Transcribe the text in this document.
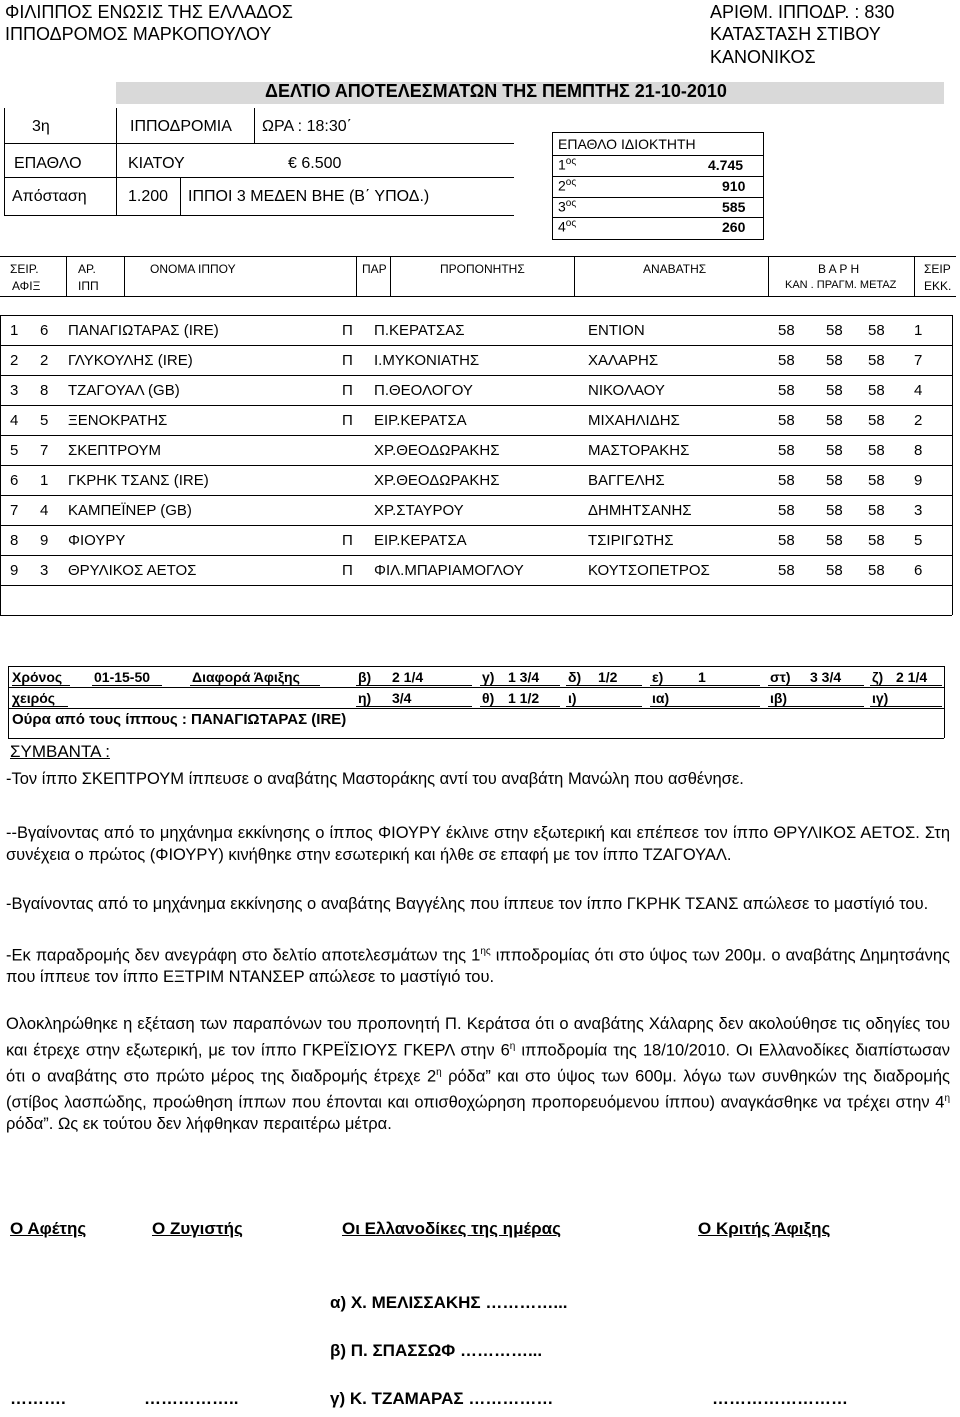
ΦΙΛΙΠΠΟΣ ΕΝΩΣΙΣ ΤΗΣ ΕΛΛΑΔΟΣ
ΙΠΠΟΔΡΟΜΟΣ ΜΑΡΚΟΠΟΥΛΟΥ
ΑΡΙΘΜ. ΙΠΠΟΔΡ. : 830
ΚΑΤΑΣΤΑΣΗ ΣΤΙΒΟΥ
ΚΑΝΟΝΙΚΟΣ
ΔΕΛΤΙΟ ΑΠΟΤΕΛΕΣΜΑΤΩΝ ΤΗΣ ΠΕΜΠΤΗΣ 21-10-2010
3η	ΙΠΠΟΔΡΟΜΙΑ ΩΡΑ : 18:30΄
ΕΠΑΘΛΟ	ΚΙΑΤΟΥ	€ 6.500
Απόσταση	1.200 ΙΠΠΟΙ 3 ΜΕΔΕΝ ΒΗΕ (Β΄ ΥΠΟΔ.)
ΕΠΑΘΛΟ ΙΔΙΟΚΤΗΤΗ
$1^{o\varsigma}$	4.745
$2^{o\varsigma}$	910
$3^{o\varsigma}$	585
$4^{o\varsigma}$	260
ΣΕΙΡ.
ΑΦΙΞ
ΑΡ.
ΙΠΠ
ΟΝΟΜΑ ΙΠΠΟΥ	ΠΑΡ	ΠΡΟΠΟΝΗΤΗΣ	ΑΝΑΒΑΤΗΣ	Β Α Ρ Η
ΚΑΝ . ΠΡΑΓΜ. ΜΕΤΑΖ
ΣΕΙΡ
ΕΚΚ.
1 6 ΠΑΝΑΓΙΩΤΑΡΑΣ (IRE)	Π Π.ΚΕΡΑΤΣΑΣ	ΕΝΤΙΟΝ	58 58 58 1
2 2 ΓΛΥΚΟΥΛΗΣ (IRE)	Π Ι.ΜΥΚΟΝΙΑΤΗΣ	ΧΑΛΑΡΗΣ	58 58 58 7
3 8 ΤΖΑΓΟΥΑΛ (GB)	Π Π.ΘΕΟΛΟΓΟΥ	ΝΙΚΟΛΑΟΥ	58 58 58 4
4 5 ΞΕΝΟΚΡΑΤΗΣ	Π ΕΙΡ.ΚΕΡΑΤΣΑ	ΜΙΧΑΗΛΙΔΗΣ	58 58 58 2
5 7 ΣΚΕΠΤΡΟΥΜ	ΧΡ.ΘΕΟΔΩΡΑΚΗΣ	ΜΑΣΤΟΡΑΚΗΣ	58 58 58 8
6 1 ΓΚΡΗΚ ΤΣΑΝΣ (IRE)	ΧΡ.ΘΕΟΔΩΡΑΚΗΣ	ΒΑΓΓΕΛΗΣ	58 58 58 9
7 4 ΚΑΜΠΕΪΝΕΡ (GB)	ΧΡ.ΣΤΑΥΡΟΥ	ΔΗΜΗΤΣΑΝΗΣ	58 58 58 3
8 9 ΦΙΟΥΡΥ	Π ΕΙΡ.ΚΕΡΑΤΣΑ	ΤΣΙΡΙΓΩΤΗΣ	58 58 58 5
9 3 ΘΡΥΛΙΚΟΣ ΑΕΤΟΣ	Π ΦΙΛ.ΜΠΑΡΙΑΜΟΓΛΟΥ	ΚΟΥΤΣΟΠΕΤΡΟΣ	58 58 58 6
Χρόνος 01-15-50	Διαφορά Άφιξης	β) 2 1/4	γ) 1 3/4 δ) 1/2 ε) 1	στ) 3 3/4 ζ) 2 1/4
χειρός	η) 3/4	θ) 1 1/2 ι)	ια)	ιβ)	ιγ)
Ούρα από τους ίππους : ΠΑΝΑΓΙΩΤΑΡΑΣ (IRE)
ΣΥΜΒΑΝΤΑ :
-Τον ίππο ΣΚΕΠΤΡΟΥΜ ίππευσε ο αναβάτης Μαστοράκης αντί του αναβάτη Μανώλη που ασθένησε.
--Βγαίνοντας από το μηχάνημα εκκίνησης ο ίππος ΦΙΟΥΡΥ έκλινε στην εξωτερική και επέπεσε τον ίππο ΘΡΥΛΙΚΟΣ ΑΕΤΟΣ. Στη συνέχεια ο πρώτος (ΦΙΟΥΡΥ) κινήθηκε στην εσωτερική και ήλθε σε επαφή με τον ίππο ΤΖΑΓΟΥΑΛ.
-Βγαίνοντας από το μηχάνημα εκκίνησης ο αναβάτης Βαγγέλης που ίππευε τον ίππο ΓΚΡΗΚ ΤΣΑΝΣ απώλεσε το μαστίγιό του.
-Εκ παραδρομής δεν ανεγράφη στο δελτίο αποτελεσμάτων της $1^{\eta\varsigma}$ ιπποδρομίας ότι στο ύψος των 200μ. ο αναβάτης Δημητσάνης που ίππευε τον ίππο ΕΞΤΡΙΜ ΝΤΑΝΣΕΡ απώλεσε το μαστίγιό του.
Ολοκληρώθηκε η εξέταση των παραπόνων του προπονητή Π. Κεράτσα ότι ο αναβάτης Χάλαρης δεν ακολούθησε τις οδηγίες του και έτρεχε στην εξωτερική, με τον ίππο ΓΚΡΕΪΣΙΟΥΣ ΓΚΕΡΛ στην $6^\eta$ ιπποδρομία της 18/10/2010. Οι Ελλανοδίκες διαπίστωσαν ότι ο αναβάτης στο πρώτο μέρος της διαδρομής έτρεχε $2^\eta$ ρόδα” και στο ύψος των 600μ. λόγω των συνθηκών της διαδρομής (στίβος λασπώδης, προώθηση ίππων που έπονται και οπισθοχώρηση προπορευόμενου ίππου) αναγκάσθηκε να τρέχει στην $4^\eta$ ρόδα”. Ως εκ τούτου δεν λήφθηκαν περαιτέρω μέτρα.
Ο Αφέτης	Ο Ζυγιστής	Οι Ελλανοδίκες της ημέρας	Ο Κριτής Άφιξης
α) Χ. ΜΕΛΙΣΣΑΚΗΣ …………...
β) Π. ΣΠΑΣΣΩΦ …………...
……….	……………..	γ) Κ. ΤΖΑΜΑΡΑΣ ……………	……………………
